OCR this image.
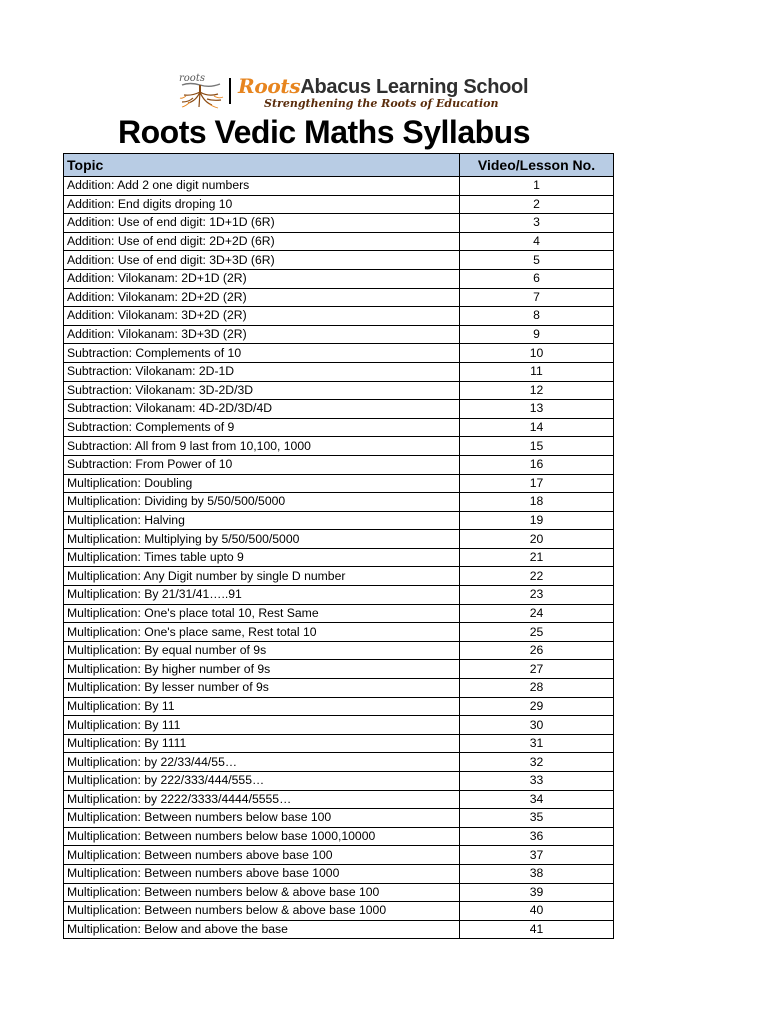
roots RootsAbacus Learning School
Strengthening the Roots of Education
Roots Vedic Maths Syllabus
Topic	Video/Lesson No.
Addition: Add 2 one digit numbers	1
Addition: End digits droping 10	2
Addition: Use of end digit: 1D+1D (6R)	3
Addition: Use of end digit: 2D+2D (6R)	4
Addition: Use of end digit: 3D+3D (6R)	5
Addition: Vilokanam: 2D+1D (2R)	6
Addition: Vilokanam: 2D+2D (2R)	7
Addition: Vilokanam: 3D+2D (2R)	8
Addition: Vilokanam: 3D+3D (2R)	9
Subtraction: Complements of 10	10
Subtraction: Vilokanam: 2D-1D	11
Subtraction: Vilokanam: 3D-2D/3D	12
Subtraction: Vilokanam: 4D-2D/3D/4D	13
Subtraction: Complements of 9	14
Subtraction: All from 9 last from 10,100, 1000	15
Subtraction: From Power of 10	16
Multiplication: Doubling	17
Multiplication: Dividing by 5/50/500/5000	18
Multiplication: Halving	19
Multiplication: Multiplying by 5/50/500/5000	20
Multiplication: Times table upto 9	21
Multiplication: Any Digit number by single D number	22
Multiplication: By 21/31/41…..91	23
Multiplication: One's place total 10, Rest Same	24
Multiplication: One's place same, Rest total 10	25
Multiplication: By equal number of 9s	26
Multiplication: By higher number of 9s	27
Multiplication: By lesser number of 9s	28
Multiplication: By 11	29
Multiplication: By 111	30
Multiplication: By 1111	31
Multiplication: by 22/33/44/55…	32
Multiplication: by 222/333/444/555…	33
Multiplication: by 2222/3333/4444/5555…	34
Multiplication: Between numbers below base 100	35
Multiplication: Between numbers below base 1000,10000	36
Multiplication: Between numbers above base 100	37
Multiplication: Between numbers above base 1000	38
Multiplication: Between numbers below & above base 100	39
Multiplication: Between numbers below & above base 1000	40
Multiplication: Below and above the base	41
